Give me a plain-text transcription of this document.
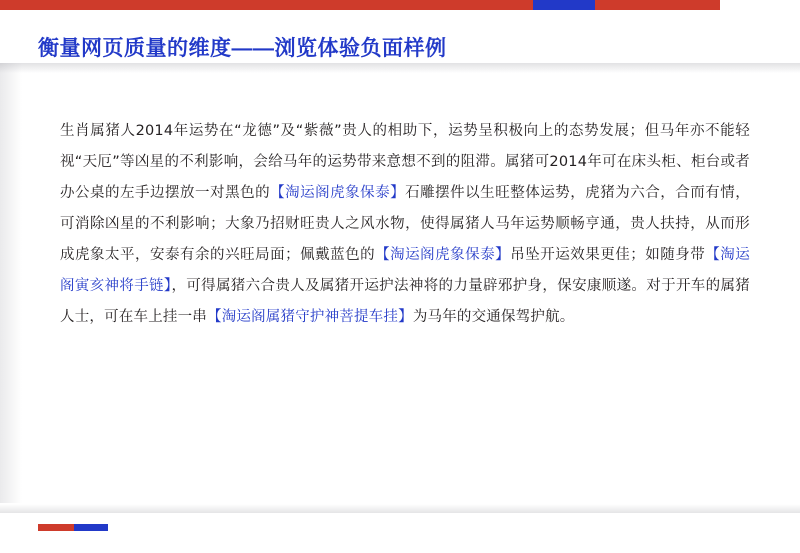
衡量网页质量的维度——浏览体验负面样例

生肖属猪人2014年运势在“龙德”及“紫薇”贵人的相助下，运势呈积极向上的态势发展；但马年亦不能轻视“天厄”等凶星的不利影响，会给马年的运势带来意想不到的阻滞。属猪可2014年可在床头柜、柜台或者办公桌的左手边摆放一对黑色的【淘运阁虎象保泰】石雕摆件以生旺整体运势，虎猪为六合，合而有情，可消除凶星的不利影响；大象乃招财旺贵人之风水物，使得属猪人马年运势顺畅亨通，贵人扶持，从而形成虎象太平，安泰有余的兴旺局面；佩戴蓝色的【淘运阁虎象保泰】吊坠开运效果更佳；如随身带【淘运阁寅亥神将手链】，可得属猪六合贵人及属猪开运护法神将的力量辟邪护身，保安康顺遂。对于开车的属猪人士，可在车上挂一串【淘运阁属猪守护神菩提车挂】为马年的交通保驾护航。
